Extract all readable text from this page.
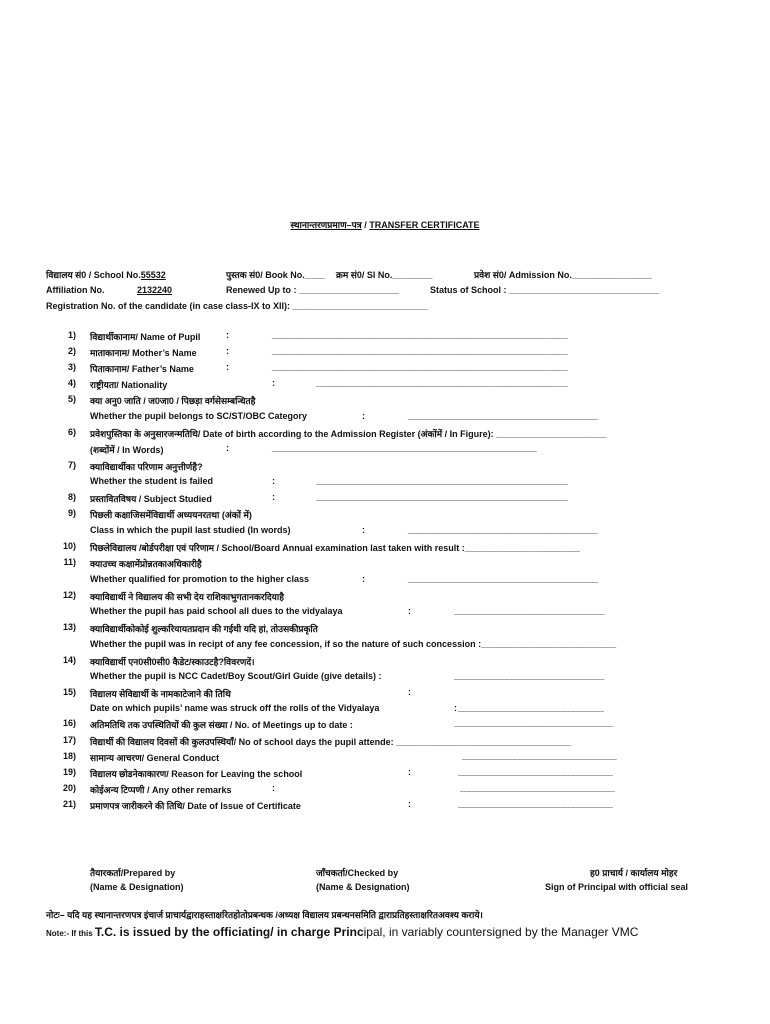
स्थानान्तरणप्रमाण–पत्र / TRANSFER CERTIFICATE
विद्यालय सं0 / School No.55532	पुस्तक सं0/ Book No.____ क्रम सं0/ Sl No.________	प्रवेश सं0/ Admission No.________________
Affiliation No.	2132240	Renewed Up to : ____________________	Status of School : ______________________________
Registration No. of the candidate (in case class-IX to XII): ___________________________
1) विद्यार्थीकानाम/ Name of Pupil	:	___________________________________________________________________
2) माताकानाम/ Mother’s Name	:	___________________________________________________________________
3) पिताकानाम/ Father’s Name	:	___________________________________________________________________
4) राष्ट्रीयता/ Nationality	:	_________________________________________________________
5) क्या अनु0 जाति / ज0जा0 / पिछड़ा वर्गसेसम्बन्धितहै
Whether the pupil belongs to SC/ST/OBC Category	:	___________________________________________
6) प्रवेशपुस्तिका के अनुसारजन्मतिथि/ Date of birth according to the Admission Register (अंकोंमें / In Figure): ______________________
(शब्दोंमें / In Words)	:	____________________________________________________________
7) क्याविद्यार्थीका परिणाम अनुत्तीर्णहै?
Whether the student is failed	:	_________________________________________________________
8) प्रस्तावितविषय / Subject Studied	:	_________________________________________________________
9) पिछली कक्षाजिसमेंविद्यार्थी अध्ययनरतथा (अंकों में)
Class in which the pupil last studied (In words)	:	___________________________________________
10) पिछलेविद्यालय /बोर्डपरीक्षा एवं परिणाम / School/Board Annual examination last taken with result :_______________________
11) क्याउच्च कक्षामेंप्रोन्नतकाअधिकारीहै
Whether qualified for promotion to the higher class	:	___________________________________________
12) क्याविद्यार्थी ने विद्यालय की सभी देय राशिकाभुगतानकरदियाहै
Whether the pupil has paid school all dues to the vidyalaya	:	__________________________________
13) क्याविद्यार्थीकोकोई शुल्करियायतप्रदान की गईथी यदि हां, तोउसकीप्रकृति
Whether the pupil was in recipt of any fee concession, if so the nature of such concession :___________________________
14) क्याविद्यार्थी एन0सी0सी0 कैडेट/स्काउटहै?विवरणदें।
Whether the pupil is NCC Cadet/Boy Scout/Girl Guide (give details) :	__________________________________
15) विद्यालय सेविद्यार्थी के नामकाटेजाने की तिथि	:
Date on which pupils’ name was struck off the rolls of the Vidyalaya	: _________________________________
16) अतिमतिथि तक उपस्थितियों की कुल संख्या / No. of Meetings up to date :	____________________________________
17) विद्यार्थी की विद्यालय दिवसों की कुलउपस्थियाँ/ No of school days the pupil attende: ___________________________________
18) सामान्य आचरण/ General Conduct	___________________________________
19) विद्यालय छोडनेकाकारण/ Reason for Leaving the school	:	___________________________________
20) कोईअन्य टिप्पणी / Any other remarks	:	___________________________________
21) प्रमाणपत्र जारीकरने की तिथि/ Date of Issue of Certificate	:	___________________________________
तैयारकर्ता/Prepared by
(Name & Designation)
जाँचकर्ता/Checked by
(Name & Designation)
ह0 प्राचार्य / कार्यालय मोहर
Sign of Principal with official seal
नोटः– यदि यह स्थानान्तरणपत्र इंचार्ज प्राचार्यद्वाराहस्ताक्षरितहोतोप्रबन्धक /अध्यक्ष विद्यालय प्रबन्धनसमिति द्वाराप्रतिहस्ताक्षरितअवश्य कराये।
Note:- If this T.C. is issued by the officiating/ in charge Principal, in variably countersigned by the Manager VMC
